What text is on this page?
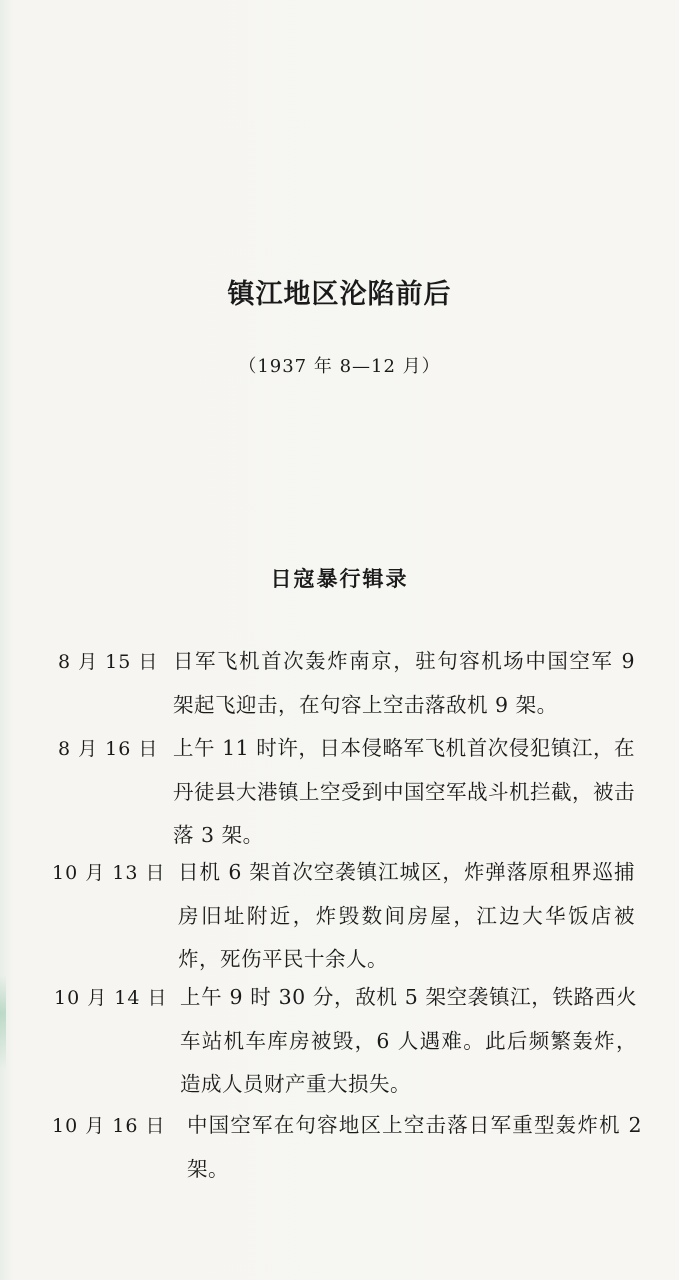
镇江地区沦陷前后
（1937 年 8—12 月）
日寇暴行辑录
8 月 15 日 日军飞机首次轰炸南京，驻句容机场中国空军 9 架起飞迎击，在句容上空击落敌机 9 架。
8 月 16 日 上午 11 时许，日本侵略军飞机首次侵犯镇江，在丹徒县大港镇上空受到中国空军战斗机拦截，被击落 3 架。
10 月 13 日 日机 6 架首次空袭镇江城区，炸弹落原租界巡捕房旧址附近，炸毁数间房屋，江边大华饭店被炸，死伤平民十余人。
10 月 14 日 上午 9 时 30 分，敌机 5 架空袭镇江，铁路西火车站机车库房被毁，6 人遇难。此后频繁轰炸，造成人员财产重大损失。
10 月 16 日 中国空军在句容地区上空击落日军重型轰炸机 2 架。
